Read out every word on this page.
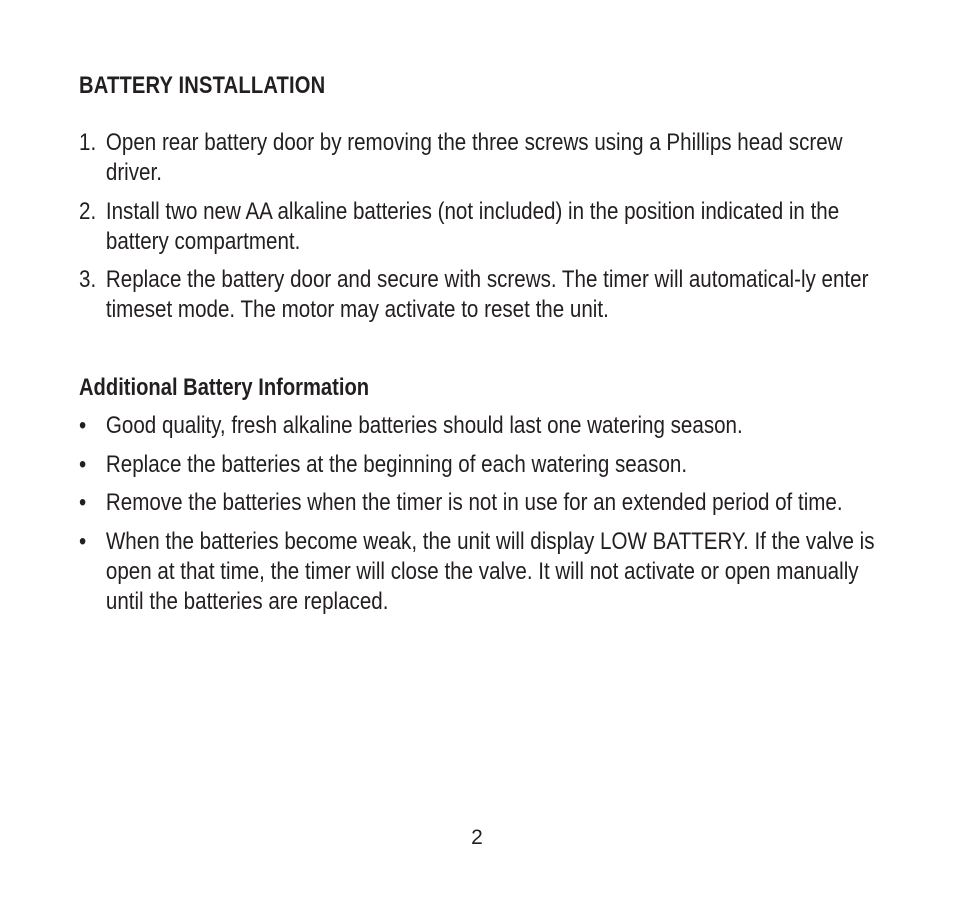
BATTERY INSTALLATION
1. Open rear battery door by removing the three screws using a Phillips head screw driver.
2. Install two new AA alkaline batteries (not included) in the position indicated in the battery compartment.
3. Replace the battery door and secure with screws. The timer will automatical-ly enter timeset mode. The motor may activate to reset the unit.
Additional Battery Information
• Good quality, fresh alkaline batteries should last one watering season.
• Replace the batteries at the beginning of each watering season.
• Remove the batteries when the timer is not in use for an extended period of time.
• When the batteries become weak, the unit will display LOW BATTERY. If the valve is open at that time, the timer will close the valve. It will not activate or open manually until the batteries are replaced.
2
